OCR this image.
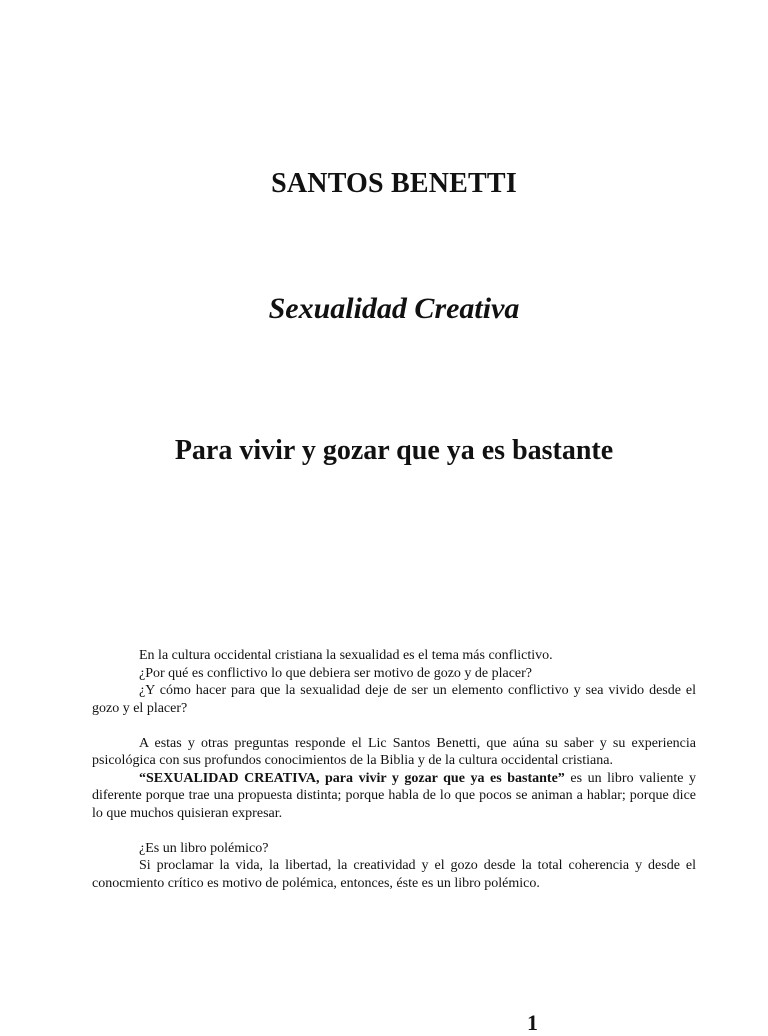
SANTOS BENETTI
Sexualidad Creativa
Para vivir y gozar que ya es bastante

En la cultura occidental cristiana la sexualidad es el tema más conflictivo.

¿Por qué es conflictivo lo que debiera ser motivo de gozo y de placer?

¿Y cómo hacer para que la sexualidad deje de ser un elemento conflictivo y sea vivido desde el gozo y el placer?

A estas y otras preguntas responde el Lic Santos Benetti, que aúna su saber y su experiencia psicológica con sus profundos conocimientos de la Biblia y de la cultura occidental cristiana.

“SEXUALIDAD CREATIVA, para vivir y gozar que ya es bastante” es un libro valiente y diferente porque trae una propuesta distinta; porque habla de lo que pocos se animan a hablar; porque dice lo que muchos quisieran expresar.

¿Es un libro polémico?

Si proclamar la vida, la libertad, la creatividad y el gozo desde la total coherencia y desde el conocmiento crítico es motivo de polémica, entonces, éste es un libro polémico.

1
